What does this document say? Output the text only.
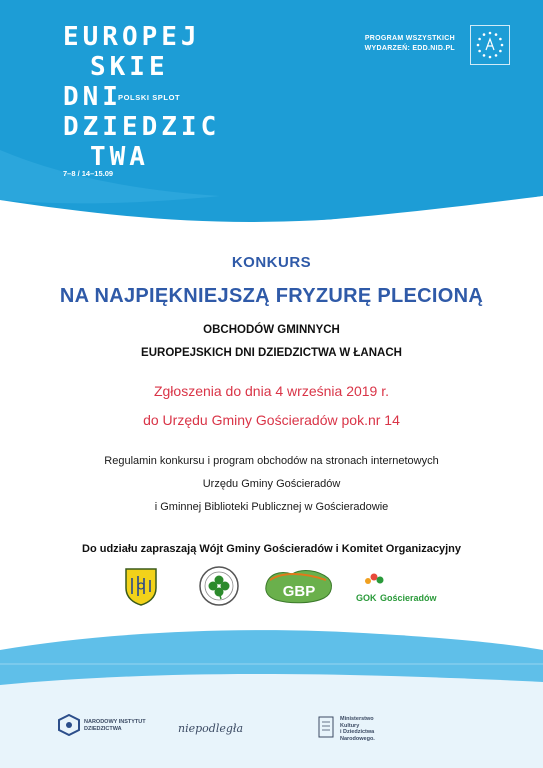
EUROPEJ
SKIE
DNI
POLSKI SPLOT
DZIEDZIC
TWA
7–8 / 14–15.09
PROGRAM WSZYSTKICH
WYDARZEŃ: EDD.NID.PL
KONKURS
NA NAJPIĘKNIEJSZĄ FRYZURĘ PLECIONĄ
OBCHODÓW GMINNYCH
EUROPEJSKICH DNI DZIEDZICTWA W ŁANACH
Zgłoszenia do dnia 4 września 2019 r.
do Urzędu Gminy Gościeradów pok.nr 14
Regulamin konkursu i program obchodów na stronach internetowych
Urzędu Gminy Gościeradów
i Gminnej Biblioteki Publicznej w Gościeradowie
Do udziału zapraszają Wójt Gminy Gościeradów i Komitet Organizacyjny
GBP	GOK Gościeradów
NARODOWY INSTYTUT
DZIEDZICTWA	niepodległa
Ministerstwo
Kultury
i Dziedzictwa
Narodowego.
